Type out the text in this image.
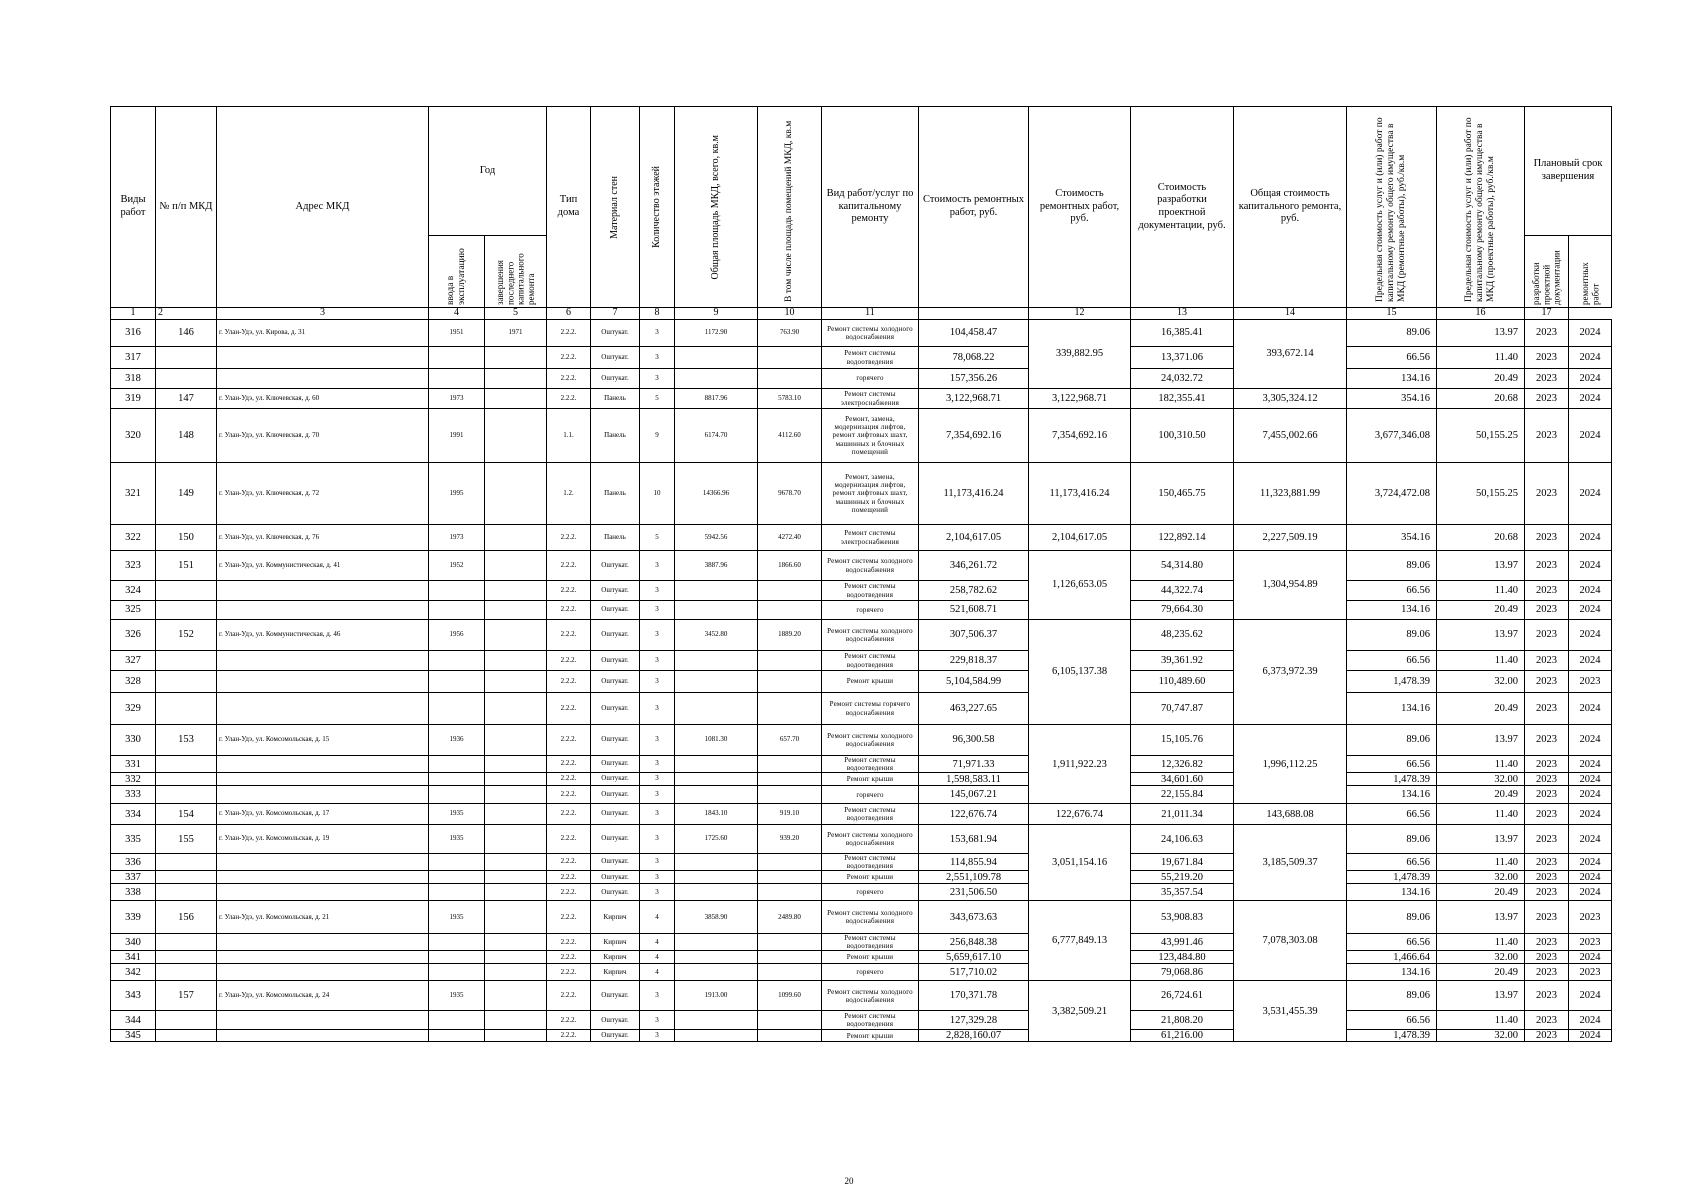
Виды работ	№ п/п МКД	Адрес МКД	Год		Тип дома	Материал стен	Количество этажей	Общая площадь МКД, всего, кв.м	В том числе площадь помещений МКД, кв.м	Вид работ/услуг по капитальному ремонту	Стоимость ремонтных работ, руб.	Стоимость ремонтных работ, руб.	Стоимость разработки проектной документации, руб.	Общая стоимость капитального ремонта, руб.	Предельная стоимость услуг и (или) работ по капитальному ремонту общего имущества в МКД (ремонтные работы), руб./кв.м	Предельная стоимость услуг и (или) работ по капитальному ремонту общего имущества в МКД (проектные работы), руб./кв.м	Плановый срок завершения	

			ввода в эксплуатацию	завершения последнего капитального ремонта													разработки проектной документации	ремонтных работ

1	2	3	4	5	6	7	8	9	10	11		12	13	14	15	16	17	
316	146	г. Улан-Удэ, ул. Кирова, д. 31	1951	1971	2.2.2.	Оштукат.	3	1172.90	763.90	Ремонт системы холодного водоснабжения	104,458.47	339,882.95	16,385.41	393,672.14	89.06	13.97	2023	2024
317					2.2.2.	Оштукат.	3			Ремонт системы водоотведения	78,068.22		13,371.06		66.56	11.40	2023	2024
318					2.2.2.	Оштукат.	3			горячего	157,356.26		24,032.72		134.16	20.49	2023	2024
319	147	г. Улан-Удэ, ул. Ключевская, д. 60	1973		2.2.2.	Панель	5	8817.96	5783.10	Ремонт системы электроснабжения	3,122,968.71	3,122,968.71	182,355.41	3,305,324.12	354.16	20.68	2023	2024
320	148	г. Улан-Удэ, ул. Ключевская, д. 70	1991		1.1.	Панель	9	6174.70	4112.60	Ремонт, замена, модернизация лифтов, ремонт лифтовых шахт, машинных и блочных помещений	7,354,692.16	7,354,692.16	100,310.50	7,455,002.66	3,677,346.08	50,155.25	2023	2024
321	149	г. Улан-Удэ, ул. Ключевская, д. 72	1995		1.2.	Панель	10	14366.96	9678.70	Ремонт, замена, модернизация лифтов, ремонт лифтовых шахт, машинных и блочных помещений	11,173,416.24	11,173,416.24	150,465.75	11,323,881.99	3,724,472.08	50,155.25	2023	2024
322	150	г. Улан-Удэ, ул. Ключевская, д. 76	1973		2.2.2.	Панель	5	5942.56	4272.40	Ремонт системы электроснабжения	2,104,617.05	2,104,617.05	122,892.14	2,227,509.19	354.16	20.68	2023	2024
323	151	г. Улан-Удэ, ул. Коммунистическая, д. 41	1952		2.2.2.	Оштукат.	3	3887.96	1866.60	Ремонт системы холодного водоснабжения	346,261.72	1,126,653.05	54,314.80	1,304,954.89	89.06	13.97	2023	2024
324					2.2.2.	Оштукат.	3			Ремонт системы водоотведения	258,782.62		44,322.74		66.56	11.40	2023	2024
325					2.2.2.	Оштукат.	3			горячего	521,608.71		79,664.30		134.16	20.49	2023	2024
326	152	г. Улан-Удэ, ул. Коммунистическая, д. 46	1956		2.2.2.	Оштукат.	3	3452.80	1889.20	Ремонт системы холодного водоснабжения	307,506.37	6,105,137.38	48,235.62	6,373,972.39	89.06	13.97	2023	2024
327					2.2.2.	Оштукат.	3			Ремонт системы водоотведения	229,818.37		39,361.92		66.56	11.40	2023	2024
328					2.2.2.	Оштукат.	3			Ремонт крыши	5,104,584.99		110,489.60		1,478.39	32.00	2023	2023
329					2.2.2.	Оштукат.	3			Ремонт системы горячего водоснабжения	463,227.65		70,747.87		134.16	20.49	2023	2024
330	153	г. Улан-Удэ, ул. Комсомольская, д. 15	1936		2.2.2.	Оштукат.	3	1081.30	657.70	Ремонт системы холодного водоснабжения	96,300.58	1,911,922.23	15,105.76	1,996,112.25	89.06	13.97	2023	2024
331					2.2.2.	Оштукат.	3			Ремонт системы водоотведения	71,971.33		12,326.82		66.56	11.40	2023	2024
332					2.2.2.	Оштукат.	3			Ремонт крыши	1,598,583.11		34,601.60		1,478.39	32.00	2023	2024
333					2.2.2.	Оштукат.	3			горячего	145,067.21		22,155.84		134.16	20.49	2023	2024
334	154	г. Улан-Удэ, ул. Комсомольская, д. 17	1935		2.2.2.	Оштукат.	3	1843.10	919.10	Ремонт системы водоотведения	122,676.74	122,676.74	21,011.34	143,688.08	66.56	11.40	2023	2024
335	155	г. Улан-Удэ, ул. Комсомольская, д. 19	1935		2.2.2.	Оштукат.	3	1725.60	939.20	Ремонт системы холодного водоснабжения	153,681.94	3,051,154.16	24,106.63	3,185,509.37	89.06	13.97	2023	2024
336					2.2.2.	Оштукат.	3			Ремонт системы водоотведения	114,855.94		19,671.84		66.56	11.40	2023	2024
337					2.2.2.	Оштукат.	3			Ремонт крыши	2,551,109.78		55,219.20		1,478.39	32.00	2023	2024
338					2.2.2.	Оштукат.	3			горячего	231,506.50		35,357.54		134.16	20.49	2023	2024
339	156	г. Улан-Удэ, ул. Комсомольская, д. 21	1935		2.2.2.	Кирпич	4	3858.90	2489.80	Ремонт системы холодного водоснабжения	343,673.63	6,777,849.13	53,908.83	7,078,303.08	89.06	13.97	2023	2023
340					2.2.2.	Кирпич	4			Ремонт системы водоотведения	256,848.38		43,991.46		66.56	11.40	2023	2023
341					2.2.2.	Кирпич	4			Ремонт крыши	5,659,617.10		123,484.80		1,466.64	32.00	2023	2024
342					2.2.2.	Кирпич	4			горячего	517,710.02		79,068.86		134.16	20.49	2023	2023
343	157	г. Улан-Удэ, ул. Комсомольская, д. 24	1935		2.2.2.	Оштукат.	3	1913.00	1099.60	Ремонт системы холодного водоснабжения	170,371.78	3,382,509.21	26,724.61	3,531,455.39	89.06	13.97	2023	2024
344					2.2.2.	Оштукат.	3			Ремонт системы водоотведения	127,329.28		21,808.20		66.56	11.40	2023	2024
345					2.2.2.	Оштукат.	3			Ремонт крыши	2,828,160.07		61,216.00		1,478.39	32.00	2023	2024
20
